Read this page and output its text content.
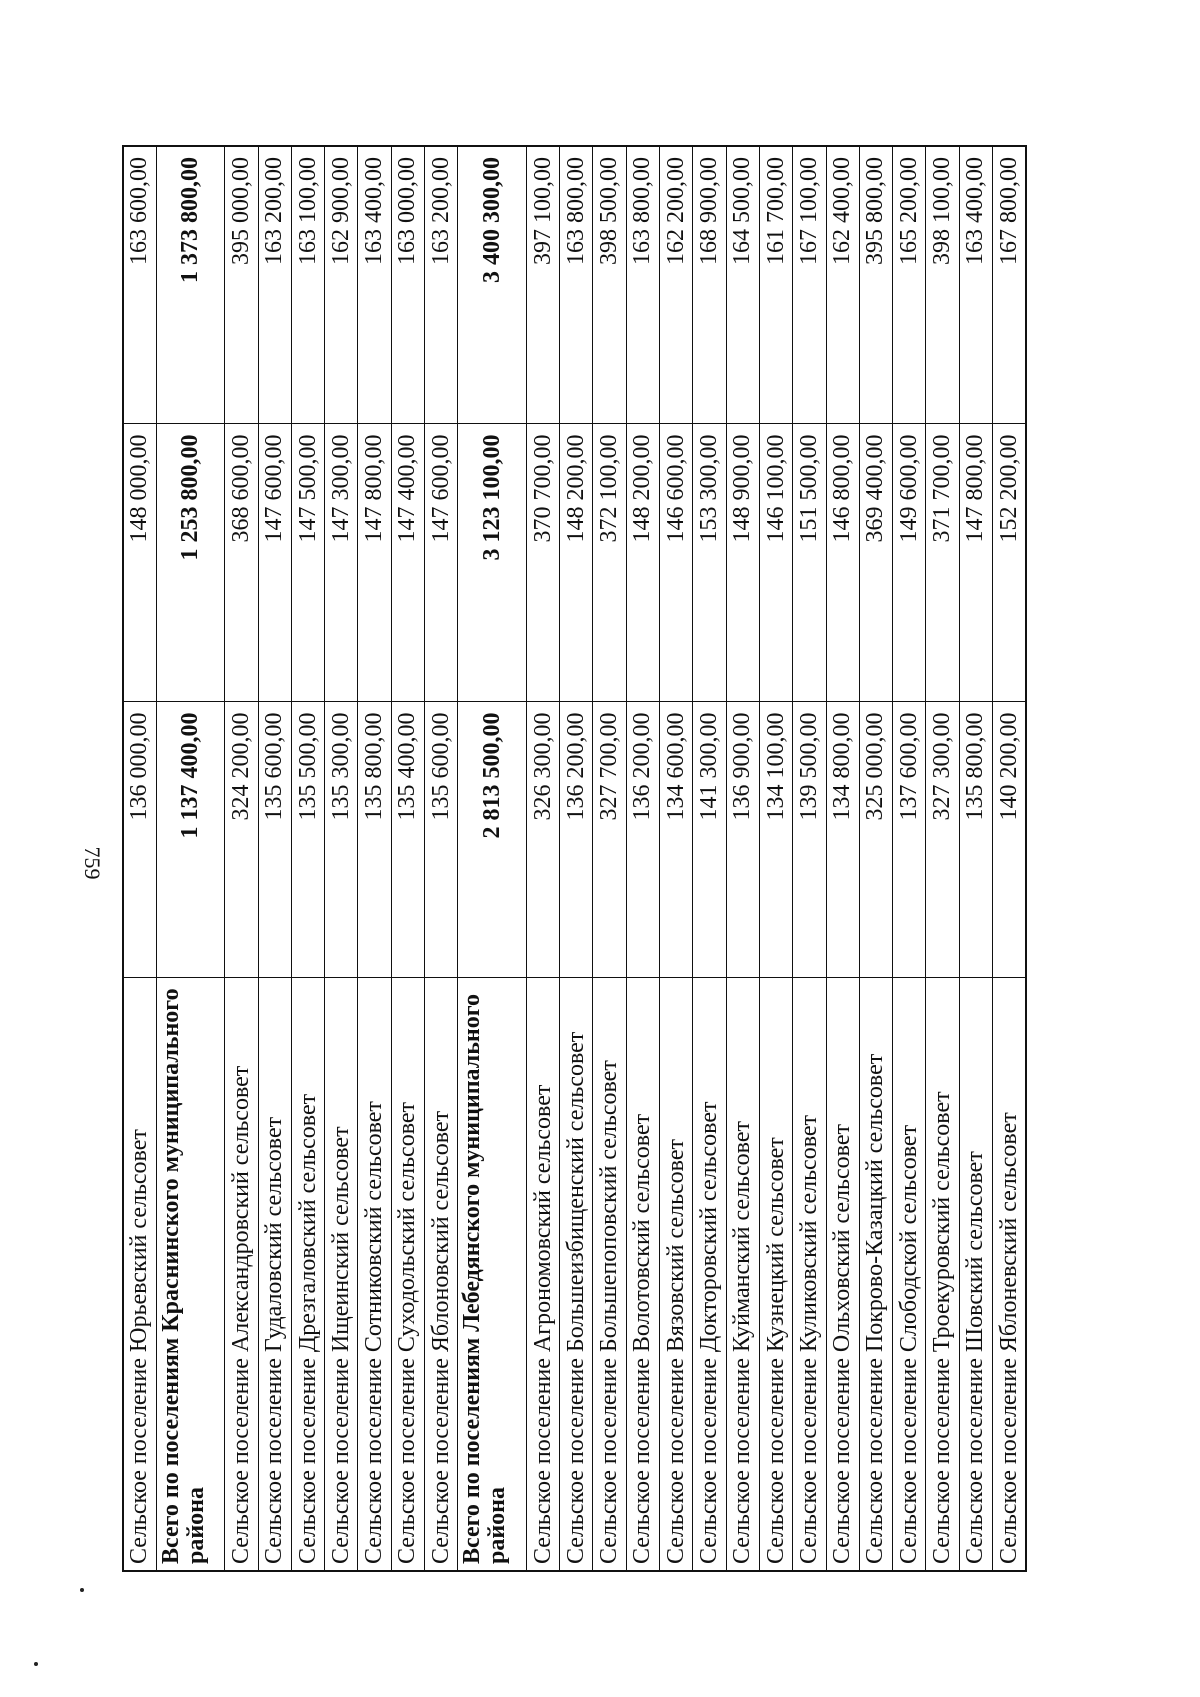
759
Сельское поселение Юрьевский сельсовет	136 000,00	148 000,00	163 600,00
Всего по поселениям Краснинского муниципального района	1 137 400,00	1 253 800,00	1 373 800,00
Сельское поселение Александровский сельсовет	324 200,00	368 600,00	395 000,00
Сельское поселение Гудаловский сельсовет	135 600,00	147 600,00	163 200,00
Сельское поселение Дрезгаловский сельсовет	135 500,00	147 500,00	163 100,00
Сельское поселение Ищеинский сельсовет	135 300,00	147 300,00	162 900,00
Сельское поселение Сотниковский сельсовет	135 800,00	147 800,00	163 400,00
Сельское поселение Суходольский сельсовет	135 400,00	147 400,00	163 000,00
Сельское поселение Яблоновский сельсовет	135 600,00	147 600,00	163 200,00
Всего по поселениям Лебедянского муниципального района	2 813 500,00	3 123 100,00	3 400 300,00
Сельское поселение Агрономовский сельсовет	326 300,00	370 700,00	397 100,00
Сельское поселение Большеизбищенский сельсовет	136 200,00	148 200,00	163 800,00
Сельское поселение Большепоповский сельсовет	327 700,00	372 100,00	398 500,00
Сельское поселение Волотовский сельсовет	136 200,00	148 200,00	163 800,00
Сельское поселение Вязовский сельсовет	134 600,00	146 600,00	162 200,00
Сельское поселение Докторовский сельсовет	141 300,00	153 300,00	168 900,00
Сельское поселение Куйманский сельсовет	136 900,00	148 900,00	164 500,00
Сельское поселение Кузнецкий сельсовет	134 100,00	146 100,00	161 700,00
Сельское поселение Куликовский сельсовет	139 500,00	151 500,00	167 100,00
Сельское поселение Ольховский сельсовет	134 800,00	146 800,00	162 400,00
Сельское поселение Покрово-Казацкий сельсовет	325 000,00	369 400,00	395 800,00
Сельское поселение Слободской сельсовет	137 600,00	149 600,00	165 200,00
Сельское поселение Троекуровский сельсовет	327 300,00	371 700,00	398 100,00
Сельское поселение Шовский сельсовет	135 800,00	147 800,00	163 400,00
Сельское поселение Яблоневский сельсовет	140 200,00	152 200,00	167 800,00
